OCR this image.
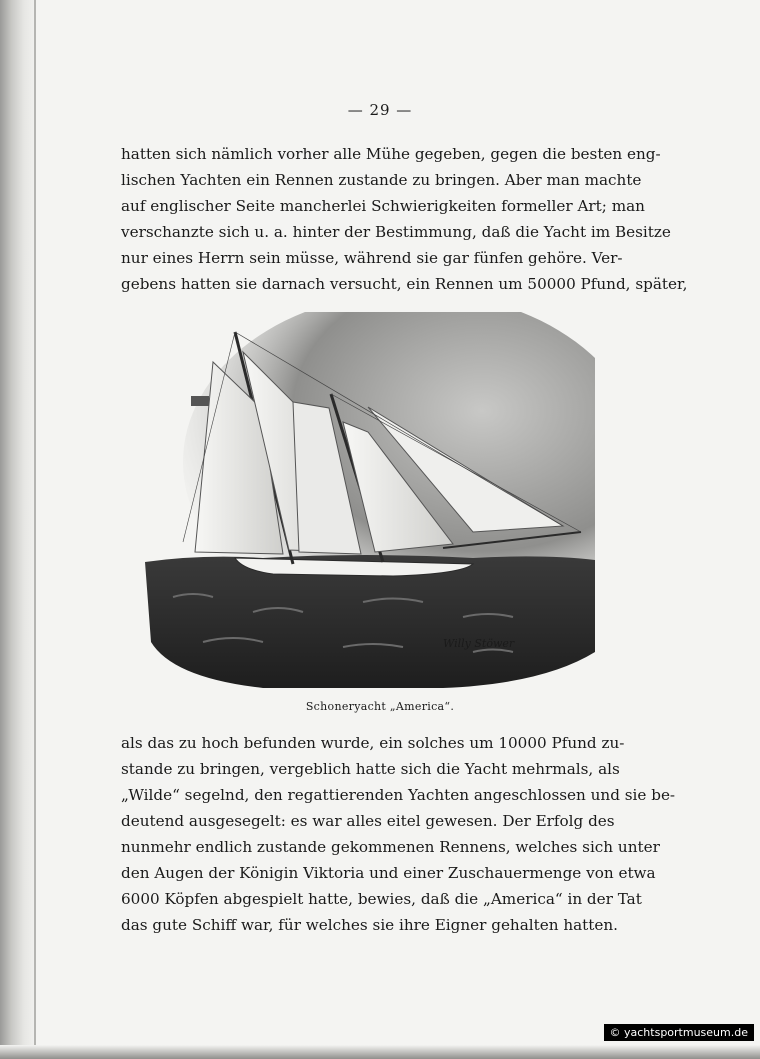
— 29 —
hatten sich nämlich vorher alle Mühe gegeben, gegen die besten eng-
lischen Yachten ein Rennen zustande zu bringen. Aber man machte
auf englischer Seite mancherlei Schwierigkeiten formeller Art; man
verschanzte sich u. a. hinter der Bestimmung, daß die Yacht im Besitze
nur eines Herrn sein müsse, während sie gar fünfen gehöre. Ver-
gebens hatten sie darnach versucht, ein Rennen um 50000 Pfund, später,
Willy Stöwer
Schoneryacht „America“.
als das zu hoch befunden wurde, ein solches um 10000 Pfund zu-
stande zu bringen, vergeblich hatte sich die Yacht mehrmals, als
„Wilde“ segelnd, den regattierenden Yachten angeschlossen und sie be-
deutend ausgesegelt: es war alles eitel gewesen. Der Erfolg des
nunmehr endlich zustande gekommenen Rennens, welches sich unter
den Augen der Königin Viktoria und einer Zuschauermenge von etwa
6000 Köpfen abgespielt hatte, bewies, daß die „America“ in der Tat
das gute Schiff war, für welches sie ihre Eigner gehalten hatten.
© yachtsportmuseum.de
